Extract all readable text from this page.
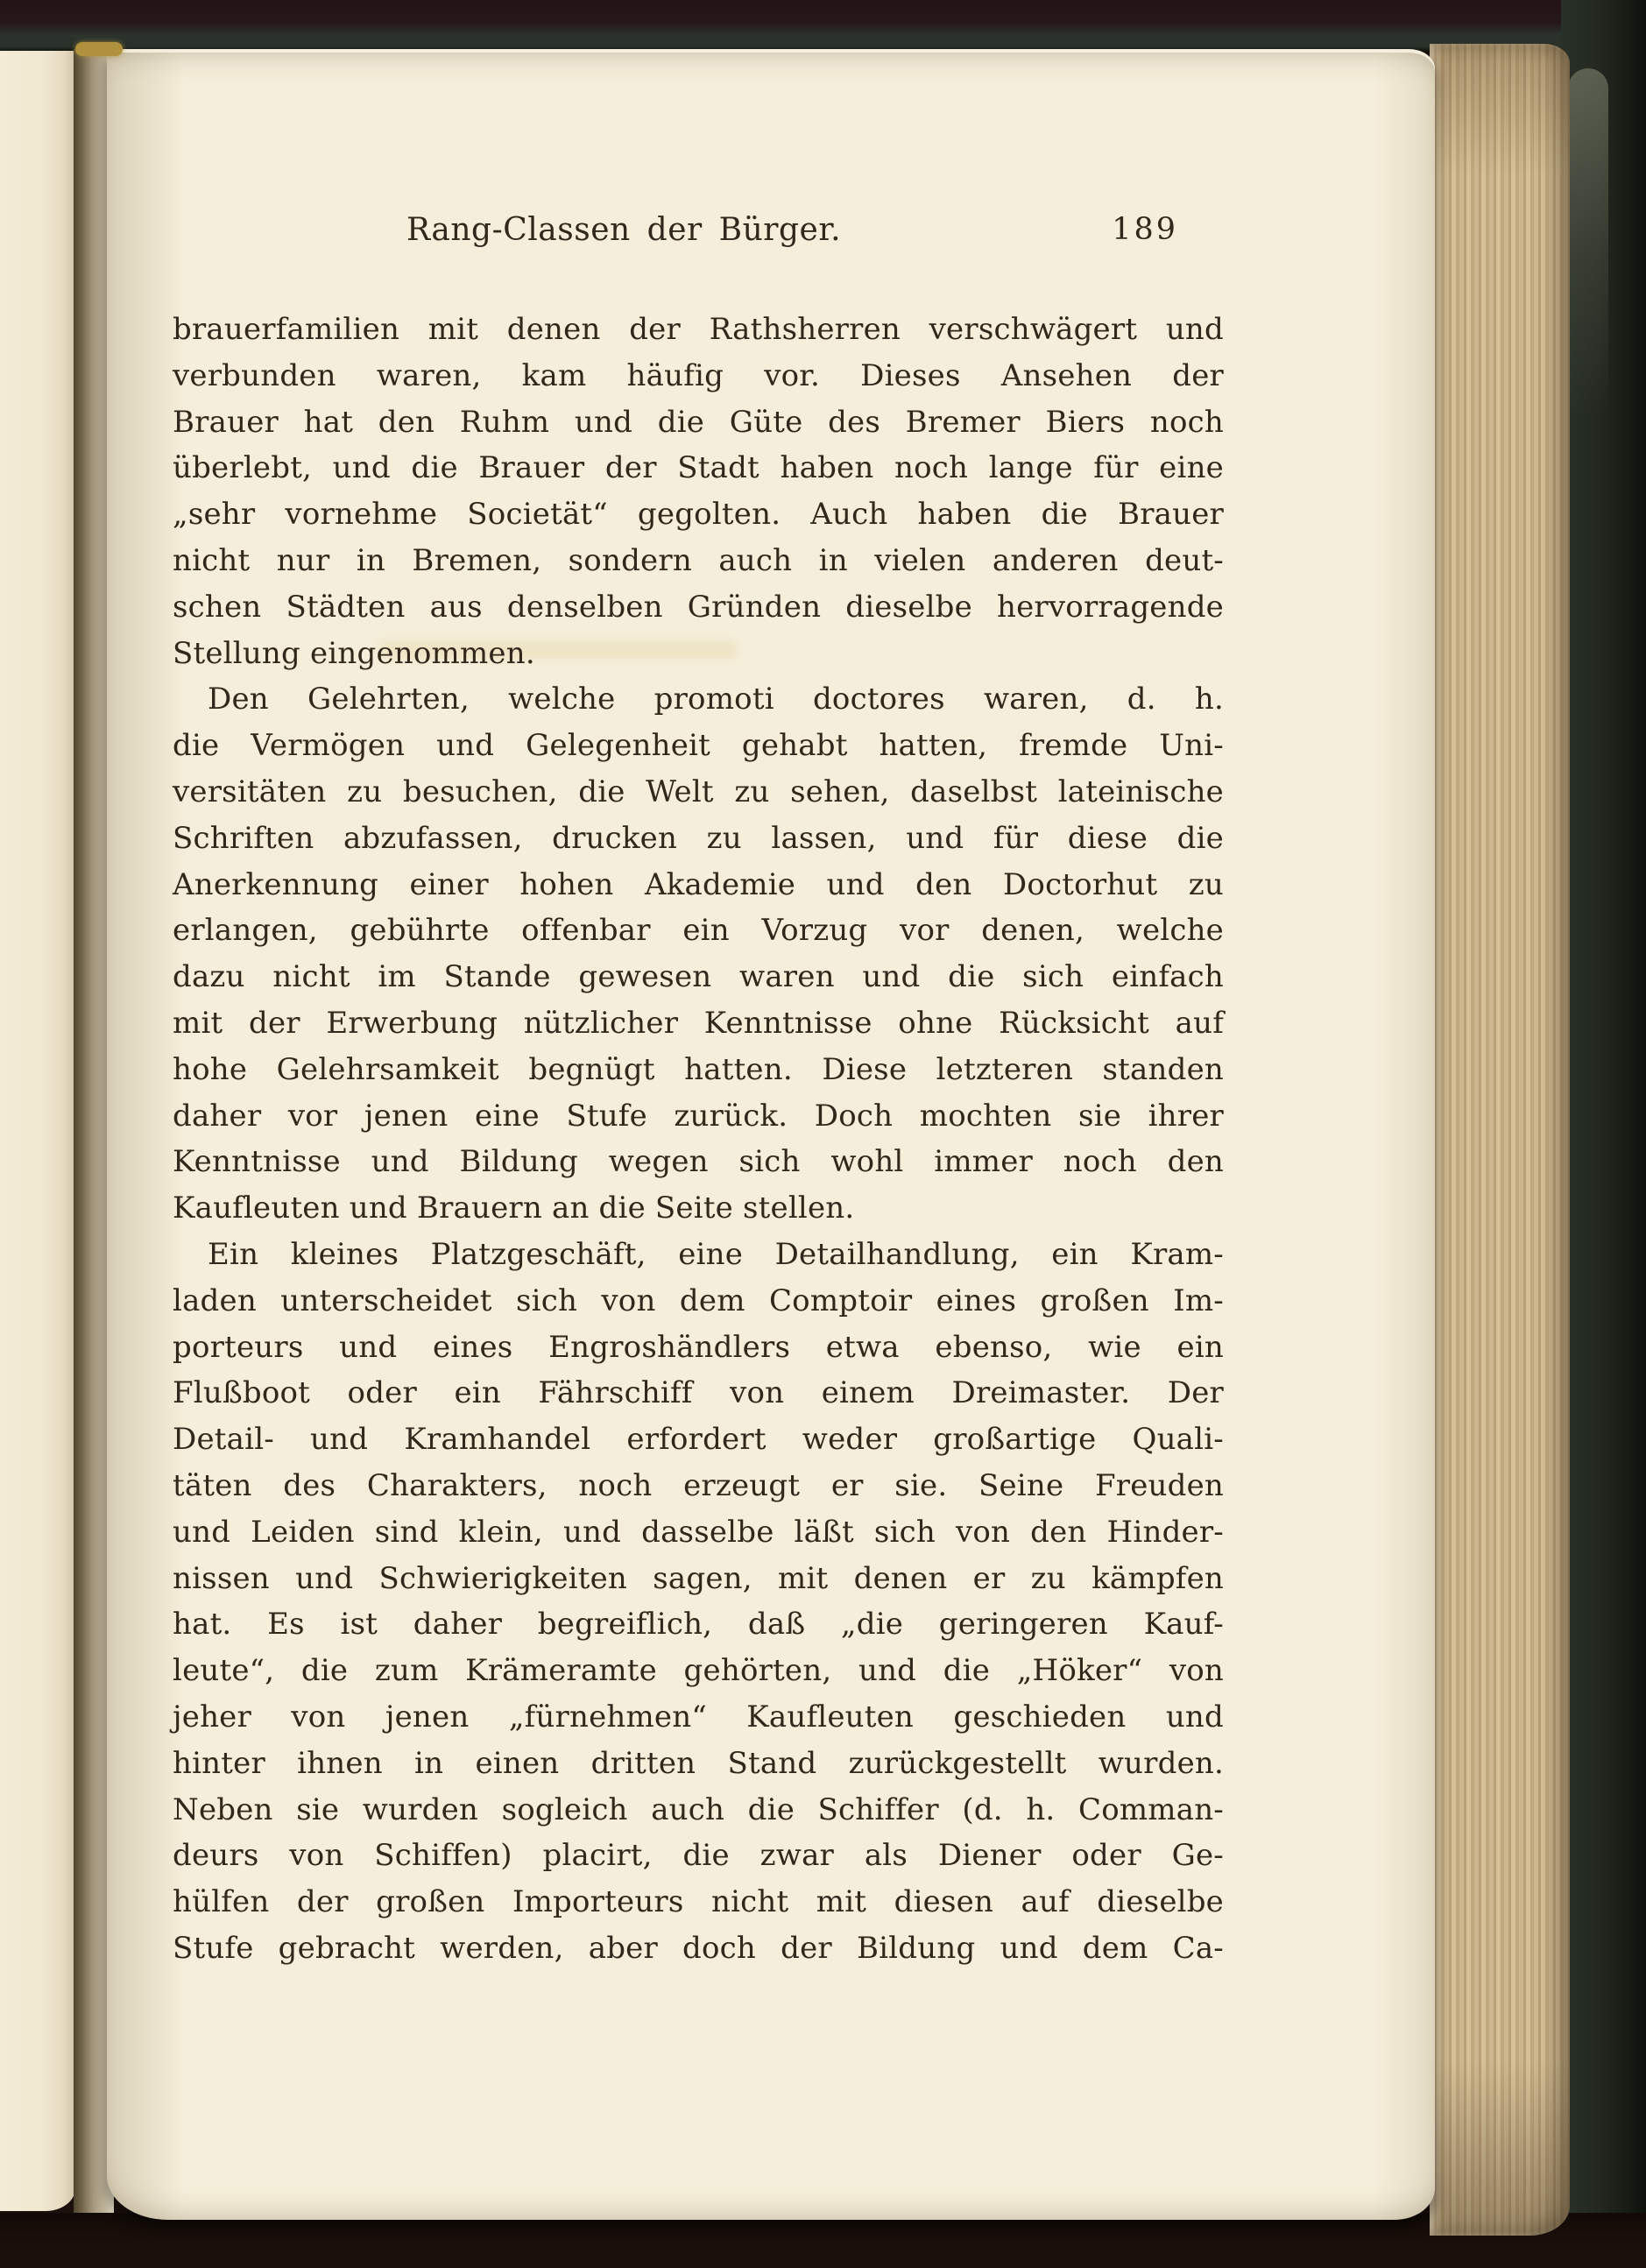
Rang-Classen der Bürger.	189
brauerfamilien mit denen der Rathsherren verschwägert und
verbunden waren, kam häufig vor. Dieses Ansehen der
Brauer hat den Ruhm und die Güte des Bremer Biers noch
überlebt, und die Brauer der Stadt haben noch lange für eine
„sehr vornehme Societät“ gegolten. Auch haben die Brauer
nicht nur in Bremen, sondern auch in vielen anderen deut-
schen Städten aus denselben Gründen dieselbe hervorragende
Stellung eingenommen.
Den Gelehrten, welche promoti doctores waren, d. h.
die Vermögen und Gelegenheit gehabt hatten, fremde Uni-
versitäten zu besuchen, die Welt zu sehen, daselbst lateinische
Schriften abzufassen, drucken zu lassen, und für diese die
Anerkennung einer hohen Akademie und den Doctorhut zu
erlangen, gebührte offenbar ein Vorzug vor denen, welche
dazu nicht im Stande gewesen waren und die sich einfach
mit der Erwerbung nützlicher Kenntnisse ohne Rücksicht auf
hohe Gelehrsamkeit begnügt hatten. Diese letzteren standen
daher vor jenen eine Stufe zurück. Doch mochten sie ihrer
Kenntnisse und Bildung wegen sich wohl immer noch den
Kaufleuten und Brauern an die Seite stellen.
Ein kleines Platzgeschäft, eine Detailhandlung, ein Kram-
laden unterscheidet sich von dem Comptoir eines großen Im-
porteurs und eines Engroshändlers etwa ebenso, wie ein
Flußboot oder ein Fährschiff von einem Dreimaster. Der
Detail- und Kramhandel erfordert weder großartige Quali-
täten des Charakters, noch erzeugt er sie. Seine Freuden
und Leiden sind klein, und dasselbe läßt sich von den Hinder-
nissen und Schwierigkeiten sagen, mit denen er zu kämpfen
hat. Es ist daher begreiflich, daß „die geringeren Kauf-
leute“, die zum Krämeramte gehörten, und die „Höker“ von
jeher von jenen „fürnehmen“ Kaufleuten geschieden und
hinter ihnen in einen dritten Stand zurückgestellt wurden.
Neben sie wurden sogleich auch die Schiffer (d. h. Comman-
deurs von Schiffen) placirt, die zwar als Diener oder Ge-
hülfen der großen Importeurs nicht mit diesen auf dieselbe
Stufe gebracht werden, aber doch der Bildung und dem Ca-
